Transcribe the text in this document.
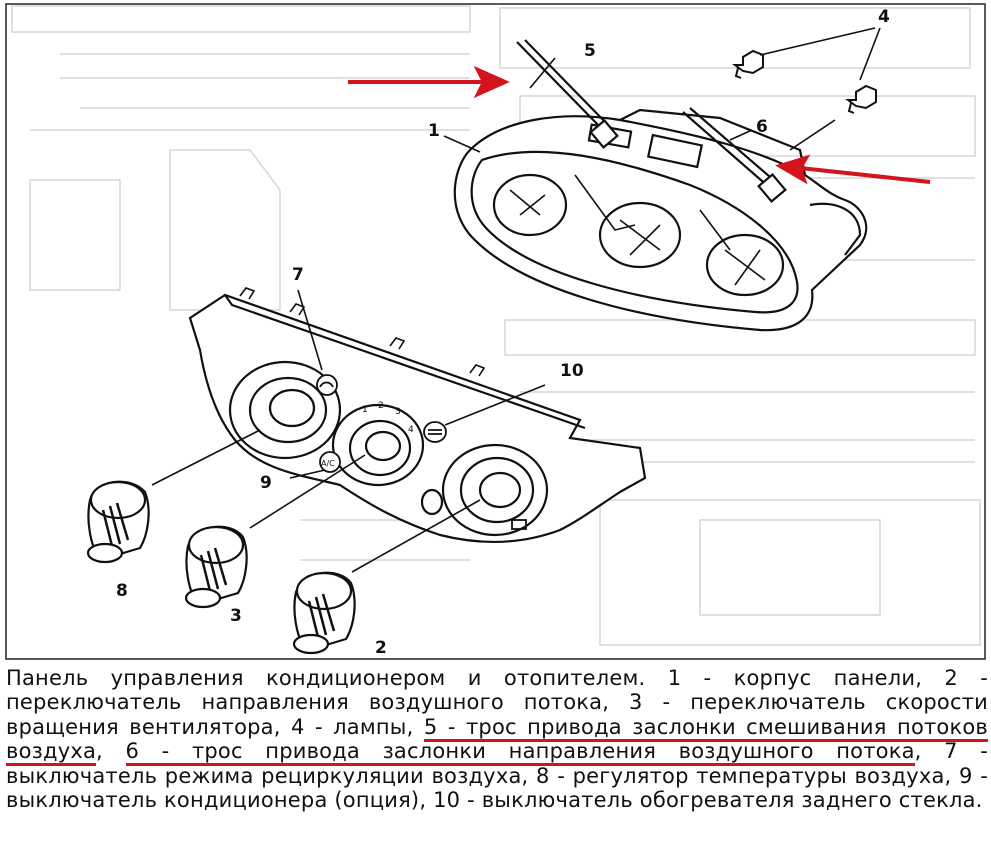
1 2
3
4
A/C
1
2
3
4
5
6
7
8
9
10
Панель управления кондиционером и отопителем. 1 - корпус панели, 2 - переключатель направления воздушного потока, 3 - переключатель скорости вращения вентилятора, 4 - лампы, 5 - трос привода заслонки смешивания потоков воздуха, 6 - трос привода заслонки направления воздушного потока, 7 - выключатель режима рециркуляции воздуха, 8 - регулятор температуры воздуха, 9 - выключатель кондиционера (опция), 10 - выключатель обогревателя заднего стекла.
